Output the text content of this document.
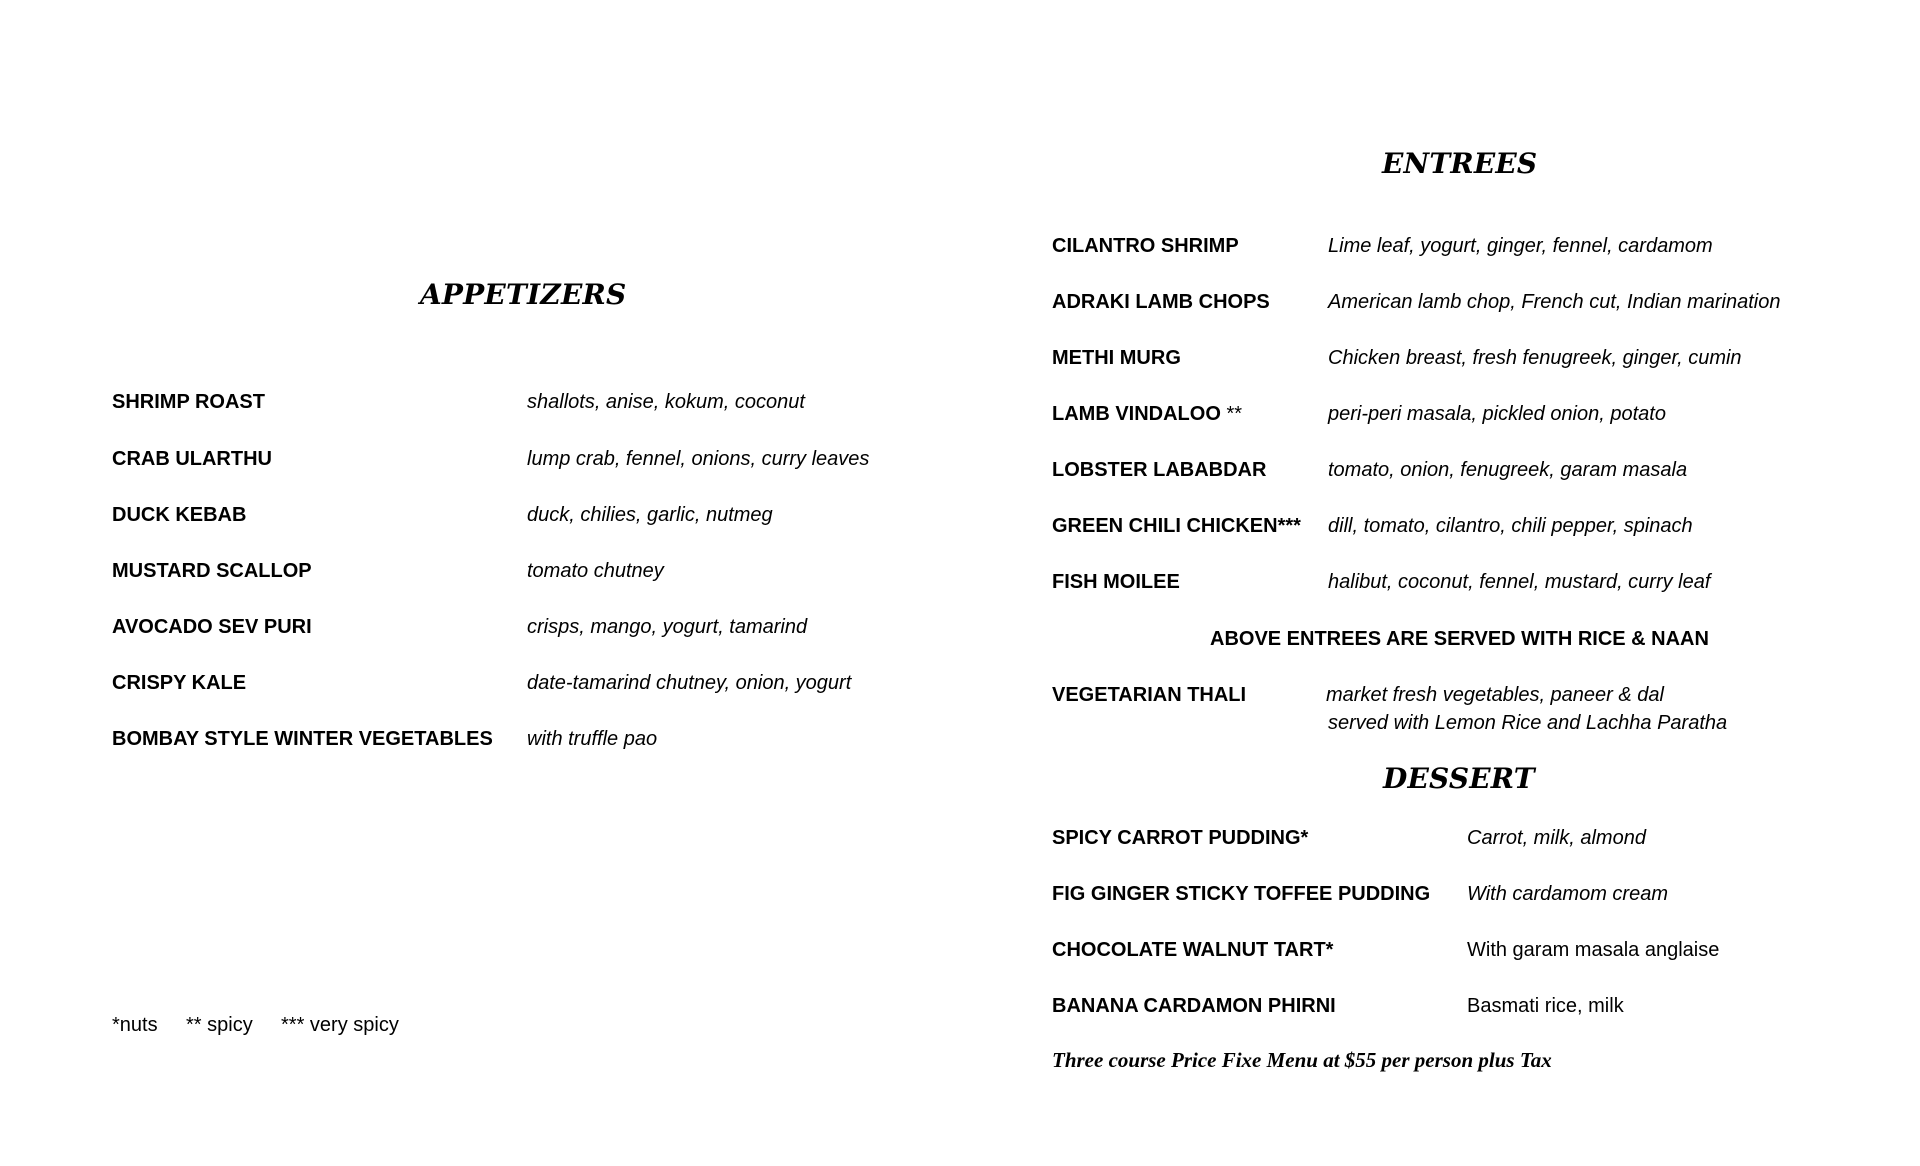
APPETIZERS
SHRIMP ROAST	shallots, anise, kokum, coconut
CRAB ULARTHU	lump crab, fennel, onions, curry leaves
DUCK KEBAB	duck, chilies, garlic, nutmeg
MUSTARD SCALLOP	tomato chutney
AVOCADO SEV PURI	crisps, mango, yogurt, tamarind
CRISPY KALE	date-tamarind chutney, onion, yogurt
BOMBAY STYLE WINTER VEGETABLES with truffle pao
*nuts ** spicy *** very spicy
ENTREES
CILANTRO SHRIMP	Lime leaf, yogurt, ginger, fennel, cardamom
ADRAKI LAMB CHOPS	American lamb chop, French cut, Indian marination
METHI MURG	Chicken breast, fresh fenugreek, ginger, cumin
LAMB VINDALOO **	peri-peri masala, pickled onion, potato
LOBSTER LABABDAR	tomato, onion, fenugreek, garam masala
GREEN CHILI CHICKEN*** dill, tomato, cilantro, chili pepper, spinach
FISH MOILEE	halibut, coconut, fennel, mustard, curry leaf
ABOVE ENTREES ARE SERVED WITH RICE & NAAN
VEGETARIAN THALI	market fresh vegetables, paneer & dal
served with Lemon Rice and Lachha Paratha
DESSERT
SPICY CARROT PUDDING*	Carrot, milk, almond
FIG GINGER STICKY TOFFEE PUDDING With cardamom cream
CHOCOLATE WALNUT TART*	With garam masala anglaise
BANANA CARDAMON PHIRNI	Basmati rice, milk
Three course Price Fixe Menu at $55 per person plus Tax
